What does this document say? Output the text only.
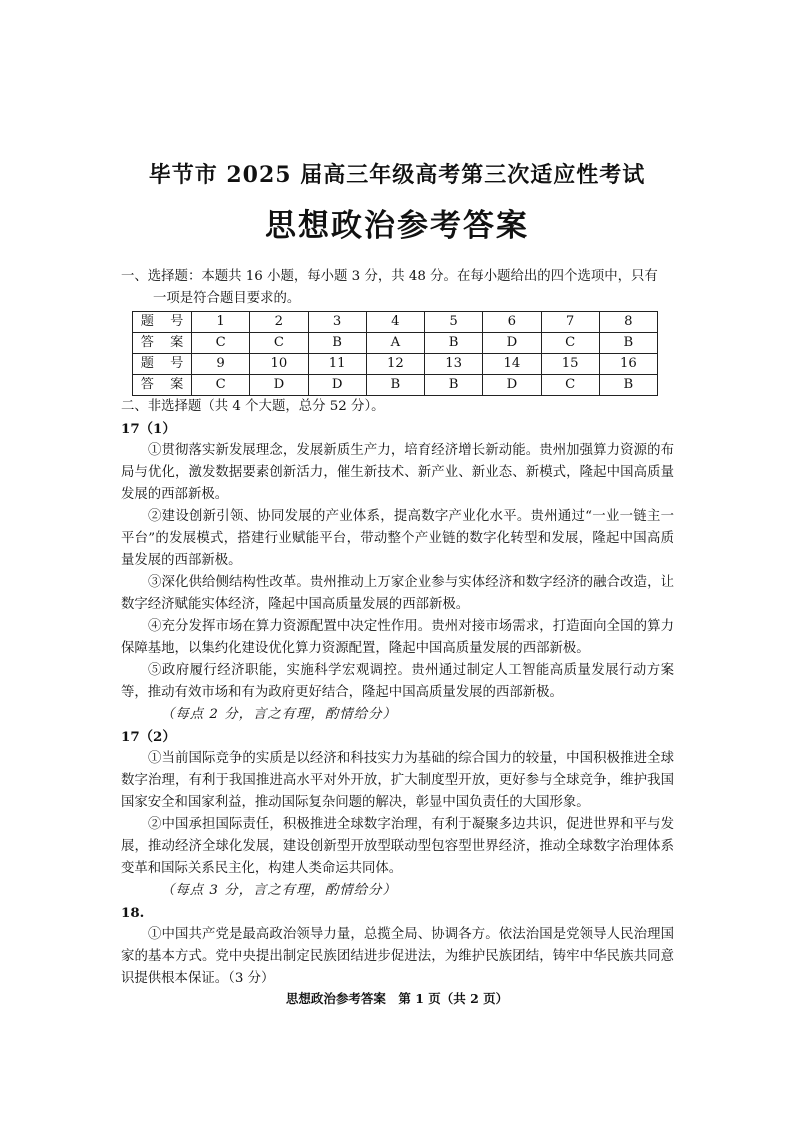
毕节市 2025 届高三年级高考第三次适应性考试
思想政治参考答案
一、选择题：本题共 16 小题，每小题 3 分，共 48 分。在每小题给出的四个选项中，只有
一项是符合题目要求的。
题 号	1	2	3	4	5	6	7	8
答 案	C	C	B	A	B	D	C	B
题 号	9	10	11	12	13	14	15	16
答 案	C	D	D	B	B	D	C	B

二、非选择题（共 4 个大题，总分 52 分）。

17（1）

①贯彻落实新发展理念，发展新质生产力，培育经济增长新动能。贵州加强算力资源的布局与优化，激发数据要素创新活力，催生新技术、新产业、新业态、新模式，隆起中国高质量发展的西部新极。

②建设创新引领、协同发展的产业体系，提高数字产业化水平。贵州通过“一业一链主一平台”的发展模式，搭建行业赋能平台，带动整个产业链的数字化转型和发展，隆起中国高质量发展的西部新极。

③深化供给侧结构性改革。贵州推动上万家企业参与实体经济和数字经济的融合改造，让数字经济赋能实体经济，隆起中国高质量发展的西部新极。

④充分发挥市场在算力资源配置中决定性作用。贵州对接市场需求，打造面向全国的算力保障基地，以集约化建设优化算力资源配置，隆起中国高质量发展的西部新极。

⑤政府履行经济职能，实施科学宏观调控。贵州通过制定人工智能高质量发展行动方案等，推动有效市场和有为政府更好结合，隆起中国高质量发展的西部新极。

（每点 2 分，言之有理，酌情给分）

17（2）

①当前国际竞争的实质是以经济和科技实力为基础的综合国力的较量，中国积极推进全球数字治理，有利于我国推进高水平对外开放，扩大制度型开放，更好参与全球竞争，维护我国国家安全和国家利益，推动国际复杂问题的解决，彰显中国负责任的大国形象。

②中国承担国际责任，积极推进全球数字治理，有利于凝聚多边共识，促进世界和平与发展，推动经济全球化发展，建设创新型开放型联动型包容型世界经济，推动全球数字治理体系变革和国际关系民主化，构建人类命运共同体。

（每点 3 分，言之有理，酌情给分）

18.

①中国共产党是最高政治领导力量，总揽全局、协调各方。依法治国是党领导人民治理国家的基本方式。党中央提出制定民族团结进步促进法，为维护民族团结，铸牢中华民族共同意识提供根本保证。（3 分）

思想政治参考答案　第 1 页（共 2 页）
